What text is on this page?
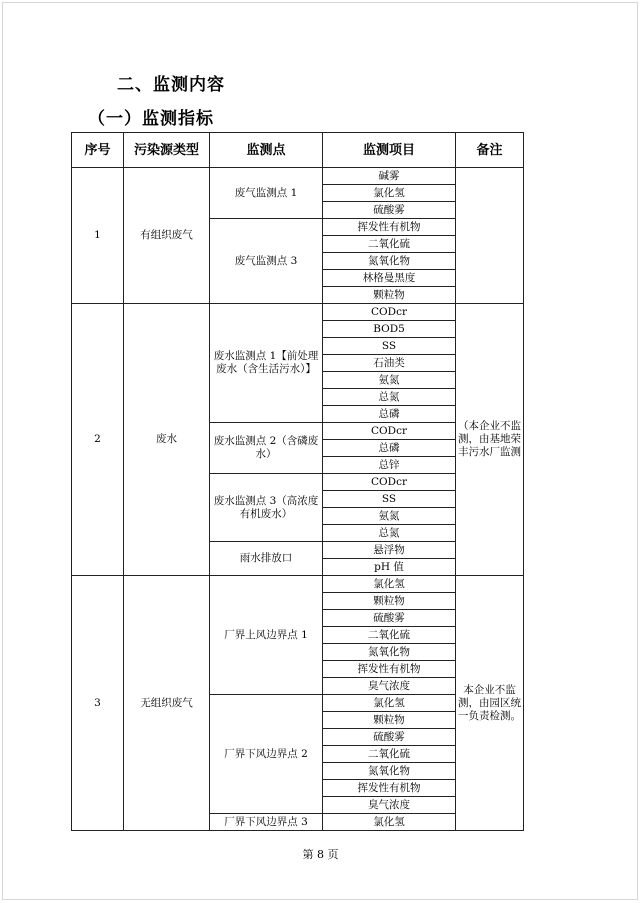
二、监测内容
（一）监测指标
序号	污染源类型	监测点	监测项目	备注
1	有组织废气	废气监测点 1	碱雾	
			氯化氢	
			硫酸雾	
		废气监测点 3	挥发性有机物	
			二氧化硫	
			氮氧化物	
			林格曼黑度	
			颗粒物	
2	废水	废水监测点 1【前处理废水（含生活污水）】	CODcr	（本企业不监测，由基地荣丰污水厂监测
			BOD5	
			SS	
			石油类	
			氨氮	
			总氮	
			总磷	
		废水监测点 2（含磷废水）	CODcr	
			总磷	
			总锌	
		废水监测点 3（高浓度有机废水）	CODcr	
			SS	
			氨氮	
			总氮	
		雨水排放口	悬浮物	
			pH 值	
3	无组织废气	厂界上风边界点 1	氯化氢	本企业不监测，由园区统一负责检测。
			颗粒物	
			硫酸雾	
			二氧化硫	
			氮氧化物	
			挥发性有机物	
			臭气浓度	
		厂界下风边界点 2	氯化氢	
			颗粒物	
			硫酸雾	
			二氧化硫	
			氮氧化物	
			挥发性有机物	
			臭气浓度	
		厂界下风边界点 3	氯化氢	
第 8 页
